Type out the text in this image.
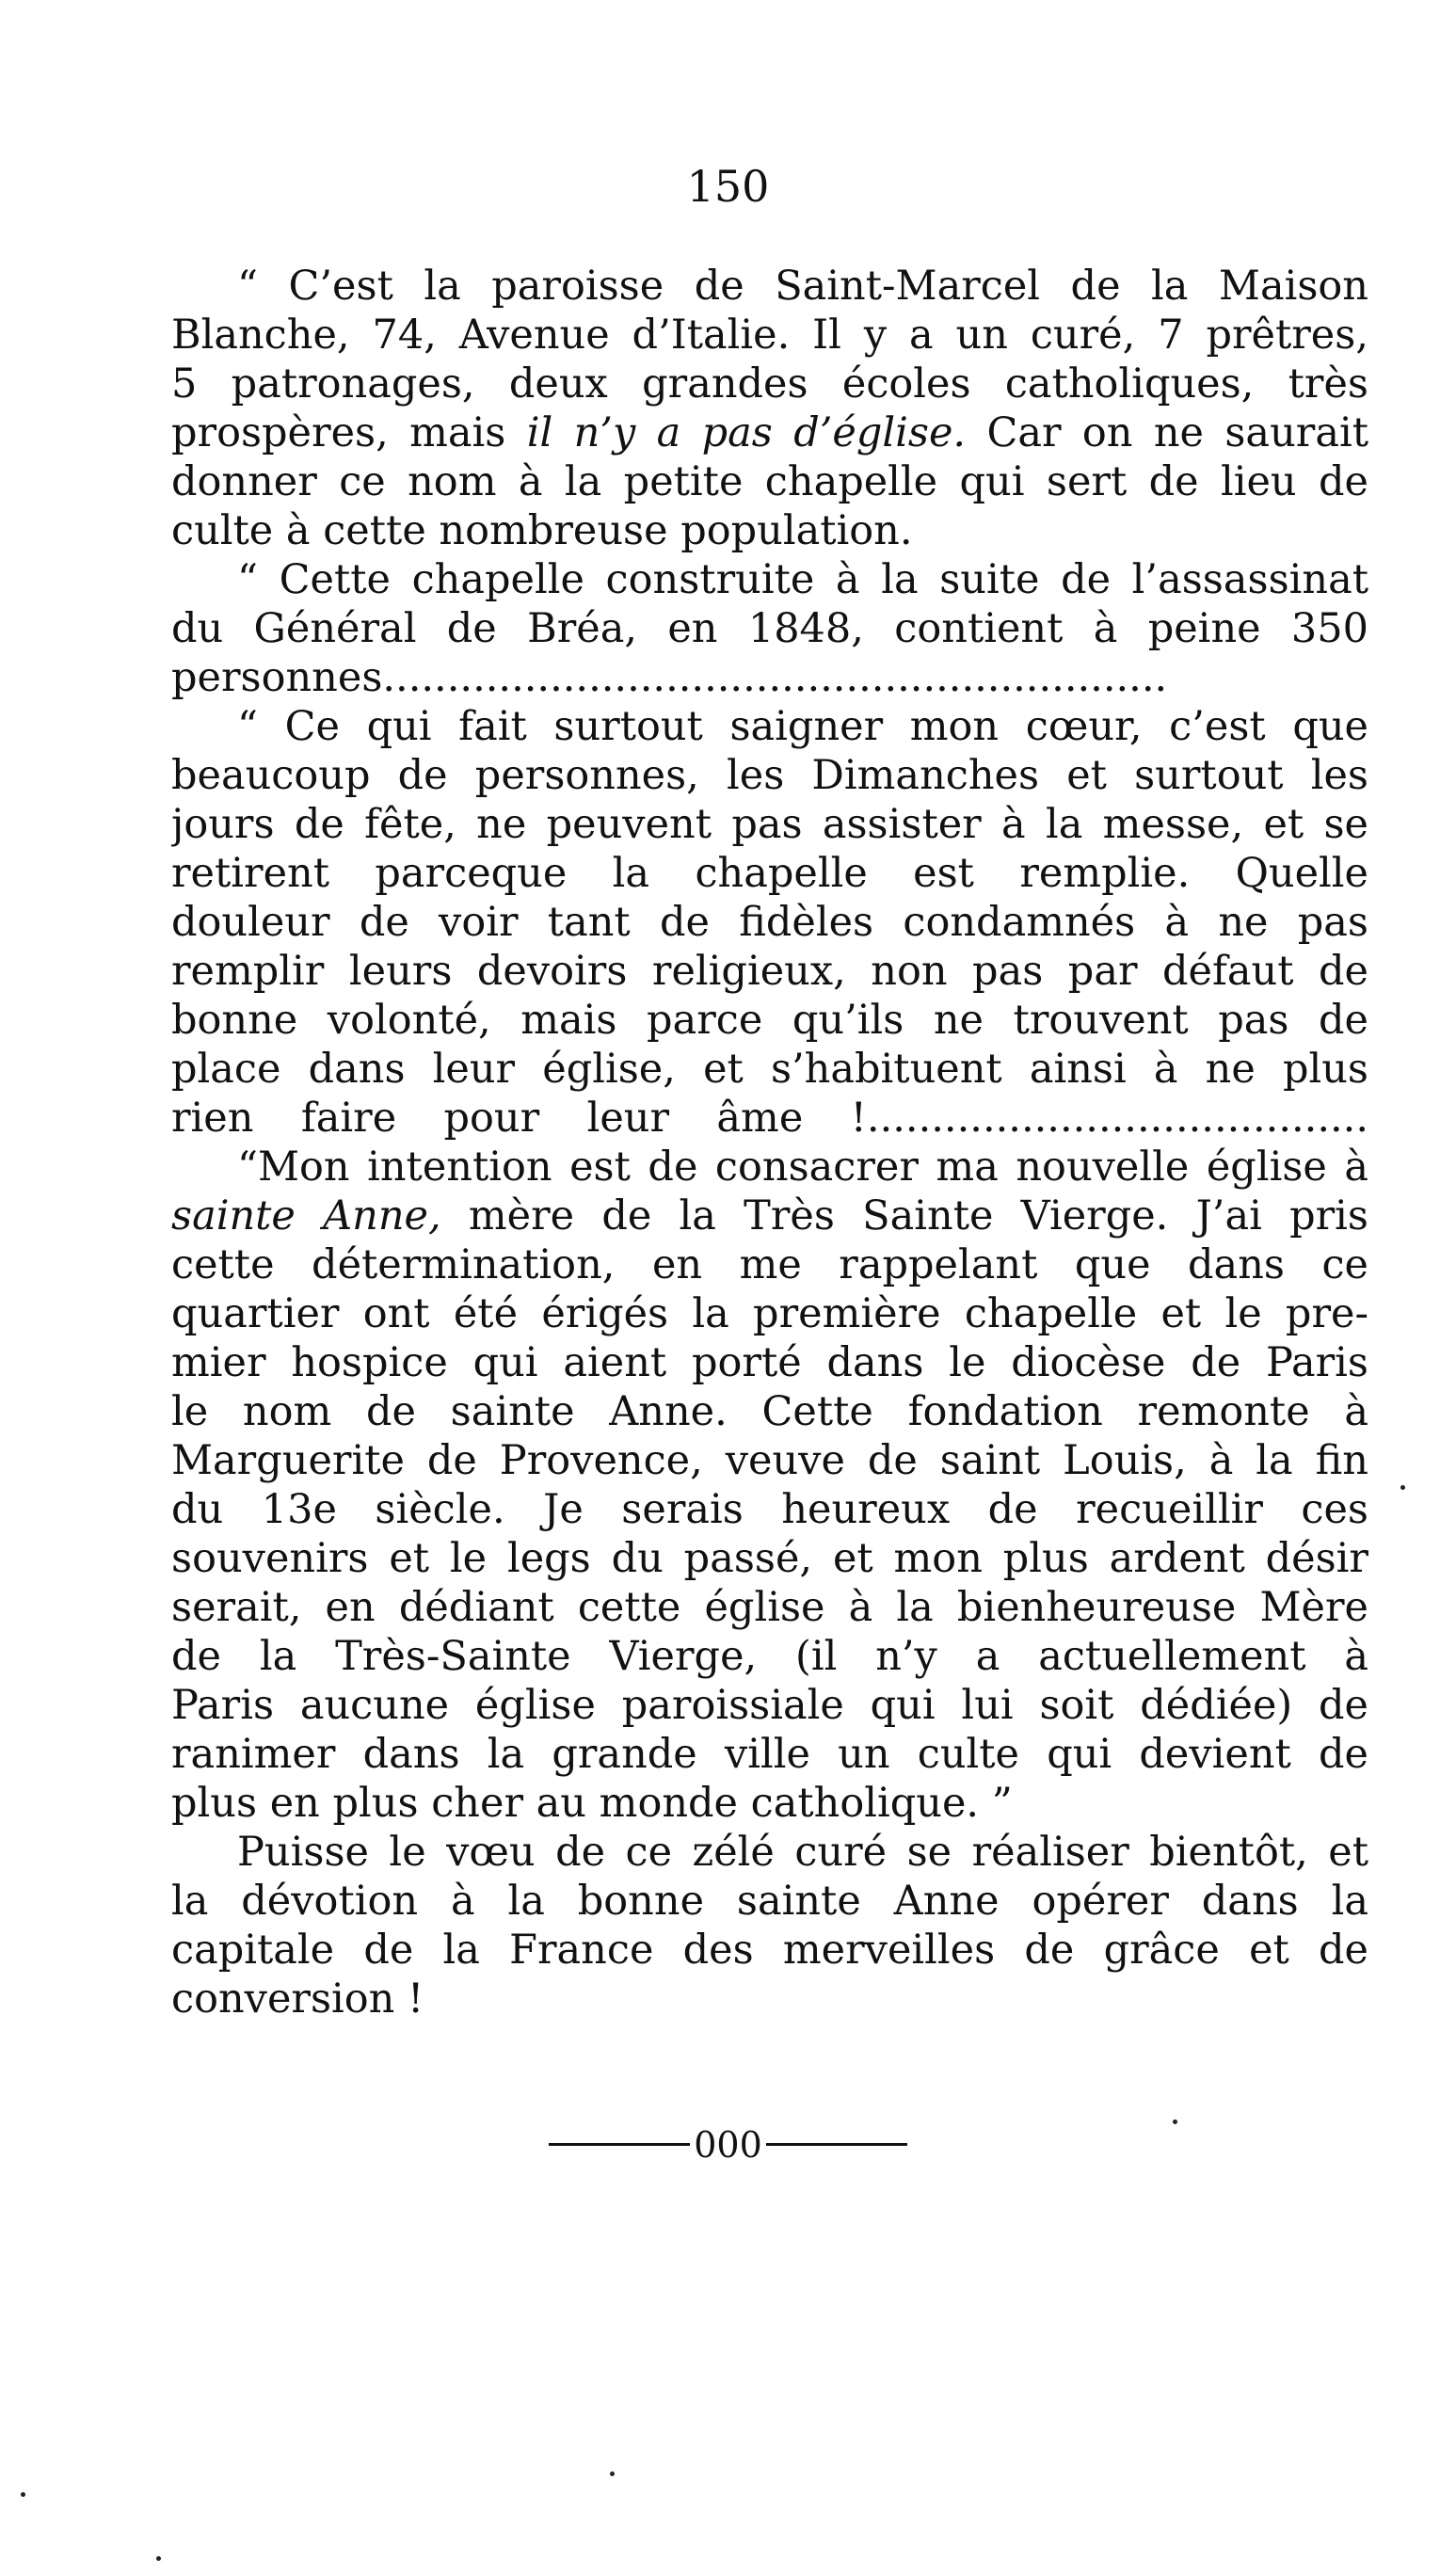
150
“ C’est la paroisse de Saint-Marcel de la Maison
Blanche, 74, Avenue d’Italie. Il y a un curé, 7 prêtres,
5 patronages, deux grandes écoles catholiques, très
prospères, mais il n’y a pas d’église. Car on ne saurait
donner ce nom à la petite chapelle qui sert de lieu de
culte à cette nombreuse population.
“ Cette chapelle construite à la suite de l’assassinat
du Général de Bréa, en 1848, contient à peine 350
personnes.............................................................
“ Ce qui fait surtout saigner mon cœur, c’est que
beaucoup de personnes, les Dimanches et surtout les
jours de fête, ne peuvent pas assister à la messe, et se
retirent parceque la chapelle est remplie. Quelle
douleur de voir tant de fidèles condamnés à ne pas
remplir leurs devoirs religieux, non pas par défaut de
bonne volonté, mais parce qu’ils ne trouvent pas de
place dans leur église, et s’habituent ainsi à ne plus
rien faire pour leur âme !.......................................
“Mon intention est de consacrer ma nouvelle église à
sainte Anne, mère de la Très Sainte Vierge. J’ai pris
cette détermination, en me rappelant que dans ce
quartier ont été érigés la première chapelle et le pre-
mier hospice qui aient porté dans le diocèse de Paris
le nom de sainte Anne. Cette fondation remonte à
Marguerite de Provence, veuve de saint Louis, à la fin
du 13e siècle. Je serais heureux de recueillir ces
souvenirs et le legs du passé, et mon plus ardent désir
serait, en dédiant cette église à la bienheureuse Mère
de la Très-Sainte Vierge, (il n’y a actuellement à
Paris aucune église paroissiale qui lui soit dédiée) de
ranimer dans la grande ville un culte qui devient de
plus en plus cher au monde catholique. ”
Puisse le vœu de ce zélé curé se réaliser bientôt, et
la dévotion à la bonne sainte Anne opérer dans la
capitale de la France des merveilles de grâce et de
conversion !
000
